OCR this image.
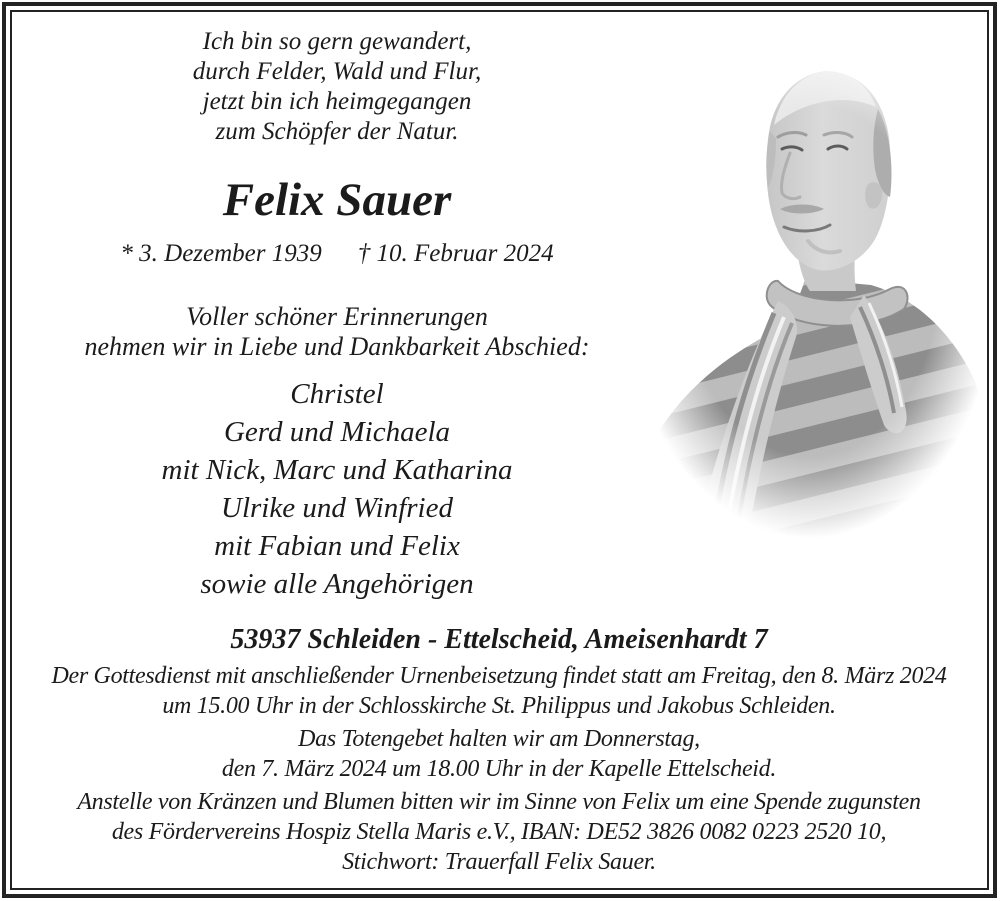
Ich bin so gern gewandert,
durch Felder, Wald und Flur,
jetzt bin ich heimgegangen
zum Schöpfer der Natur.
Felix Sauer
* 3. Dezember 1939 † 10. Februar 2024
Voller schöner Erinnerungen
nehmen wir in Liebe und Dankbarkeit Abschied:
Christel
Gerd und Michaela
mit Nick, Marc und Katharina
Ulrike und Winfried
mit Fabian und Felix
sowie alle Angehörigen
53937 Schleiden - Ettelscheid, Ameisenhardt 7
Der Gottesdienst mit anschließender Urnenbeisetzung findet statt am Freitag, den 8. März 2024
um 15.00 Uhr in der Schlosskirche St. Philippus und Jakobus Schleiden.
Das Totengebet halten wir am Donnerstag,
den 7. März 2024 um 18.00 Uhr in der Kapelle Ettelscheid.
Anstelle von Kränzen und Blumen bitten wir im Sinne von Felix um eine Spende zugunsten
des Fördervereins Hospiz Stella Maris e.V., IBAN: DE52 3826 0082 0223 2520 10,
Stichwort: Trauerfall Felix Sauer.
